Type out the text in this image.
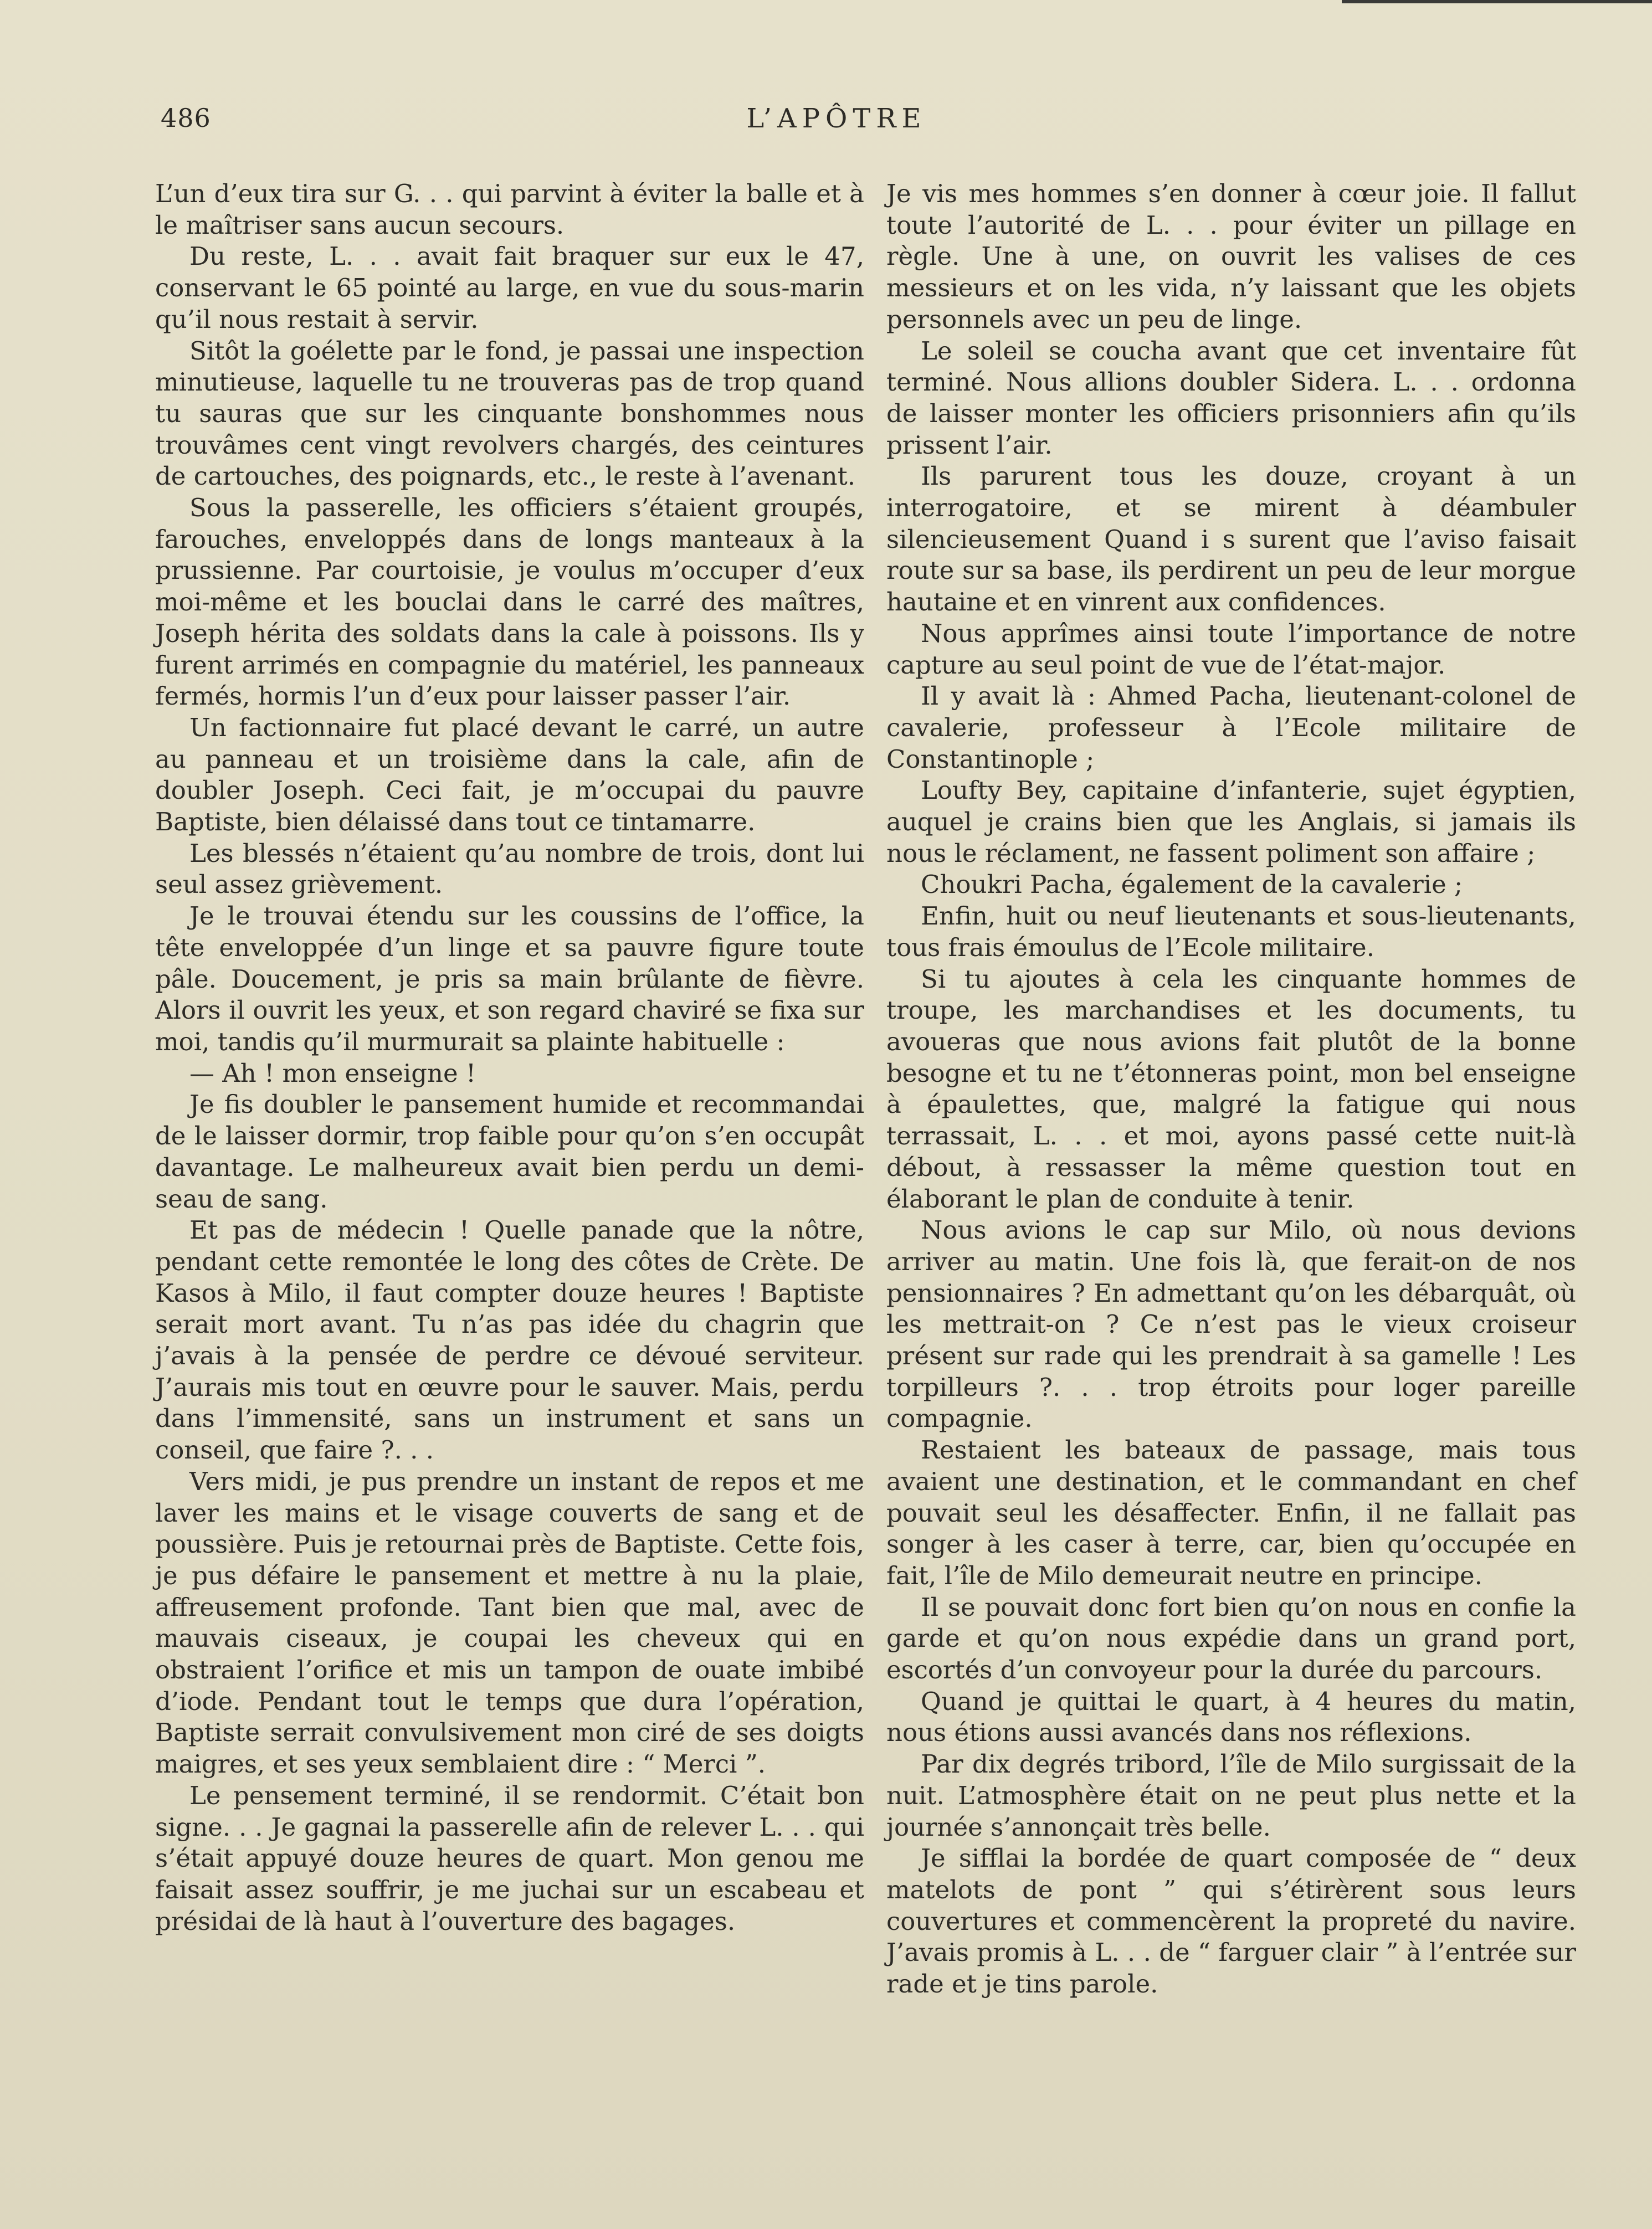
486	L’APÔTRE

L’un d’eux tira sur G. . . qui parvint à éviter la balle et à le maîtriser sans aucun secours.

Du reste, L. . . avait fait braquer sur eux le 47, conservant le 65 pointé au large, en vue du sous-marin qu’il nous restait à servir.

Sitôt la goélette par le fond, je passai une inspection minutieuse, laquelle tu ne trouveras pas de trop quand tu sauras que sur les cinquante bonshommes nous trouvâmes cent vingt revolvers chargés, des ceintures de cartouches, des poignards, etc., le reste à l’avenant.

Sous la passerelle, les officiers s’étaient groupés, farouches, enveloppés dans de longs manteaux à la prussienne. Par courtoisie, je voulus m’occuper d’eux moi-même et les bouclai dans le carré des maîtres, Joseph hérita des soldats dans la cale à poissons. Ils y furent arrimés en compagnie du matériel, les panneaux fermés, hormis l’un d’eux pour laisser passer l’air.

Un factionnaire fut placé devant le carré, un autre au panneau et un troisième dans la cale, afin de doubler Joseph. Ceci fait, je m’occupai du pauvre Baptiste, bien délaissé dans tout ce tintamarre.

Les blessés n’étaient qu’au nombre de trois, dont lui seul assez grièvement.

Je le trouvai étendu sur les coussins de l’office, la tête enveloppée d’un linge et sa pauvre figure toute pâle. Doucement, je pris sa main brûlante de fièvre. Alors il ouvrit les yeux, et son regard chaviré se fixa sur moi, tandis qu’il murmurait sa plainte habituelle :

— Ah ! mon enseigne !

Je fis doubler le pansement humide et recommandai de le laisser dormir, trop faible pour qu’on s’en occupât davantage. Le malheureux avait bien perdu un demi-seau de sang.

Et pas de médecin ! Quelle panade que la nôtre, pendant cette remontée le long des côtes de Crète. De Kasos à Milo, il faut compter douze heures ! Baptiste serait mort avant. Tu n’as pas idée du chagrin que j’avais à la pensée de perdre ce dévoué serviteur. J’aurais mis tout en œuvre pour le sauver. Mais, perdu dans l’immensité, sans un instrument et sans un conseil, que faire ?. . .

Vers midi, je pus prendre un instant de repos et me laver les mains et le visage couverts de sang et de poussière. Puis je retournai près de Baptiste. Cette fois, je pus défaire le pansement et mettre à nu la plaie, affreusement profonde. Tant bien que mal, avec de mauvais ciseaux, je coupai les cheveux qui en obstraient l’orifice et mis un tampon de ouate imbibé d’iode. Pendant tout le temps que dura l’opération, Baptiste serrait convulsivement mon ciré de ses doigts maigres, et ses yeux semblaient dire : “ Merci ”.

Le pensement terminé, il se rendormit. C’était bon signe. . . Je gagnai la passerelle afin de relever L. . . qui s’était appuyé douze heures de quart. Mon genou me faisait assez souffrir, je me juchai sur un escabeau et présidai de là haut à l’ouverture des bagages.

Je vis mes hommes s’en donner à cœur joie. Il fallut toute l’autorité de L. . . pour éviter un pillage en règle. Une à une, on ouvrit les valises de ces messieurs et on les vida, n’y laissant que les objets personnels avec un peu de linge.

Le soleil se coucha avant que cet inventaire fût terminé. Nous allions doubler Sidera. L. . . ordonna de laisser monter les officiers prisonniers afin qu’ils prissent l’air.

Ils parurent tous les douze, croyant à un interrogatoire, et se mirent à déambuler silencieusement Quand i s surent que l’aviso faisait route sur sa base, ils perdirent un peu de leur morgue hautaine et en vinrent aux confidences.

Nous apprîmes ainsi toute l’importance de notre capture au seul point de vue de l’état-major.

Il y avait là : Ahmed Pacha, lieutenant-colonel de cavalerie, professeur à l’Ecole militaire de Constantinople ;

Loufty Bey, capitaine d’infanterie, sujet égyptien, auquel je crains bien que les Anglais, si jamais ils nous le réclament, ne fassent poliment son affaire ;

Choukri Pacha, également de la cavalerie ;

Enfin, huit ou neuf lieutenants et sous-lieutenants, tous frais émoulus de l’Ecole militaire.

Si tu ajoutes à cela les cinquante hommes de troupe, les marchandises et les documents, tu avoueras que nous avions fait plutôt de la bonne besogne et tu ne t’étonneras point, mon bel enseigne à épaulettes, que, malgré la fatigue qui nous terrassait, L. . . et moi, ayons passé cette nuit-là débout, à ressasser la même question tout en élaborant le plan de conduite à tenir.

Nous avions le cap sur Milo, où nous devions arriver au matin. Une fois là, que ferait-on de nos pensionnaires ? En admettant qu’on les débarquât, où les mettrait-on ? Ce n’est pas le vieux croiseur présent sur rade qui les prendrait à sa gamelle ! Les torpilleurs ?. . . trop étroits pour loger pareille compagnie.

Restaient les bateaux de passage, mais tous avaient une destination, et le commandant en chef pouvait seul les désaffecter. Enfin, il ne fallait pas songer à les caser à terre, car, bien qu’occupée en fait, l’île de Milo demeurait neutre en principe.

Il se pouvait donc fort bien qu’on nous en confie la garde et qu’on nous expédie dans un grand port, escortés d’un convoyeur pour la durée du parcours.

Quand je quittai le quart, à 4 heures du matin, nous étions aussi avancés dans nos réflexions.

Par dix degrés tribord, l’île de Milo surgissait de la nuit. L’atmosphère était on ne peut plus nette et la journée s’annonçait très belle.

Je sifflai la bordée de quart composée de “ deux matelots de pont ” qui s’étirèrent sous leurs couvertures et commencèrent la propreté du navire. J’avais promis à L. . . de “ farguer clair ” à l’entrée sur rade et je tins parole.
